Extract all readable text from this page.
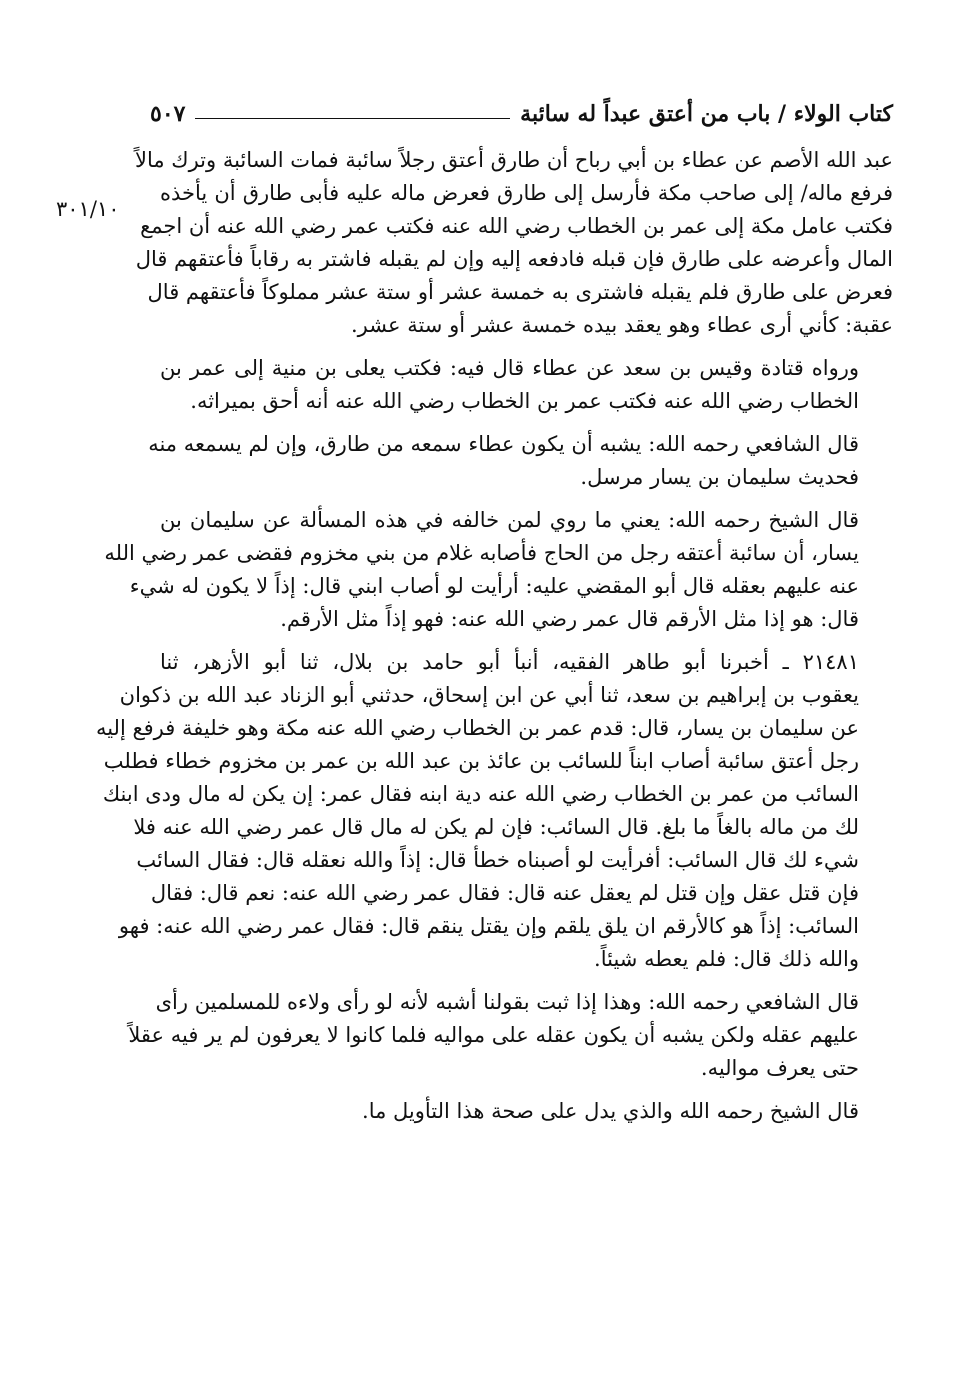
كتاب الولاء / باب من أعتق عبداً له سائبة
٥٠٧
٣٠١/١٠
عبد الله الأصم عن عطاء بن أبي رباح أن طارق أعتق رجلاً سائبة فمات السائبة وترك مالاً
فرفع ماله/ إلى صاحب مكة فأرسل إلى طارق فعرض ماله عليه فأبى طارق أن يأخذه
فكتب عامل مكة إلى عمر بن الخطاب رضي الله عنه فكتب عمر رضي الله عنه أن اجمع
المال وأعرضه على طارق فإن قبله فادفعه إليه وإن لم يقبله فاشتر به رقاباً فأعتقهم قال
فعرض على طارق فلم يقبله فاشترى به خمسة عشر أو ستة عشر مملوكاً فأعتقهم قال
عقبة: كأني أرى عطاء وهو يعقد بيده خمسة عشر أو ستة عشر.
ورواه قتادة وقيس بن سعد عن عطاء قال فيه: فكتب يعلى بن منية إلى عمر بن
الخطاب رضي الله عنه فكتب عمر بن الخطاب رضي الله عنه أنه أحق بميراثه.
قال الشافعي رحمه الله: يشبه أن يكون عطاء سمعه من طارق، وإن لم يسمعه منه
فحديث سليمان بن يسار مرسل.
قال الشيخ رحمه الله: يعني ما روي لمن خالفه في هذه المسألة عن سليمان بن
يسار، أن سائبة أعتقه رجل من الحاج فأصابه غلام من بني مخزوم فقضى عمر رضي الله
عنه عليهم بعقله قال أبو المقضي عليه: أرأيت لو أصاب ابني قال: إذاً لا يكون له شيء
قال: هو إذا مثل الأرقم قال عمر رضي الله عنه: فهو إذاً مثل الأرقم.
٢١٤٨١ ـ أخبرنا أبو طاهر الفقيه، أنبأ أبو حامد بن بلال، ثنا أبو الأزهر، ثنا
يعقوب بن إبراهيم بن سعد، ثنا أبي عن ابن إسحاق، حدثني أبو الزناد عبد الله بن ذكوان
عن سليمان بن يسار، قال: قدم عمر بن الخطاب رضي الله عنه مكة وهو خليفة فرفع إليه
رجل أعتق سائبة أصاب ابناً للسائب بن عائذ بن عبد الله بن عمر بن مخزوم خطاء فطلب
السائب من عمر بن الخطاب رضي الله عنه دية ابنه فقال عمر: إن يكن له مال ودى ابنك
لك من ماله بالغاً ما بلغ. قال السائب: فإن لم يكن له مال قال عمر رضي الله عنه فلا
شيء لك قال السائب: أفرأيت لو أصبناه خطأ قال: إذاً والله نعقله قال: فقال السائب
فإن قتل عقل وإن قتل لم يعقل عنه قال: فقال عمر رضي الله عنه: نعم قال: فقال
السائب: إذاً هو كالأرقم ان يلق يلقم وإن يقتل ينقم قال: فقال عمر رضي الله عنه: فهو
والله ذلك قال: فلم يعطه شيئاً.
قال الشافعي رحمه الله: وهذا إذا ثبت بقولنا أشبه لأنه لو رأى ولاءه للمسلمين رأى
عليهم عقله ولكن يشبه أن يكون عقله على مواليه فلما كانوا لا يعرفون لم ير فيه عقلاً
حتى يعرف مواليه.
قال الشيخ رحمه الله والذي يدل على صحة هذا التأويل ما.
